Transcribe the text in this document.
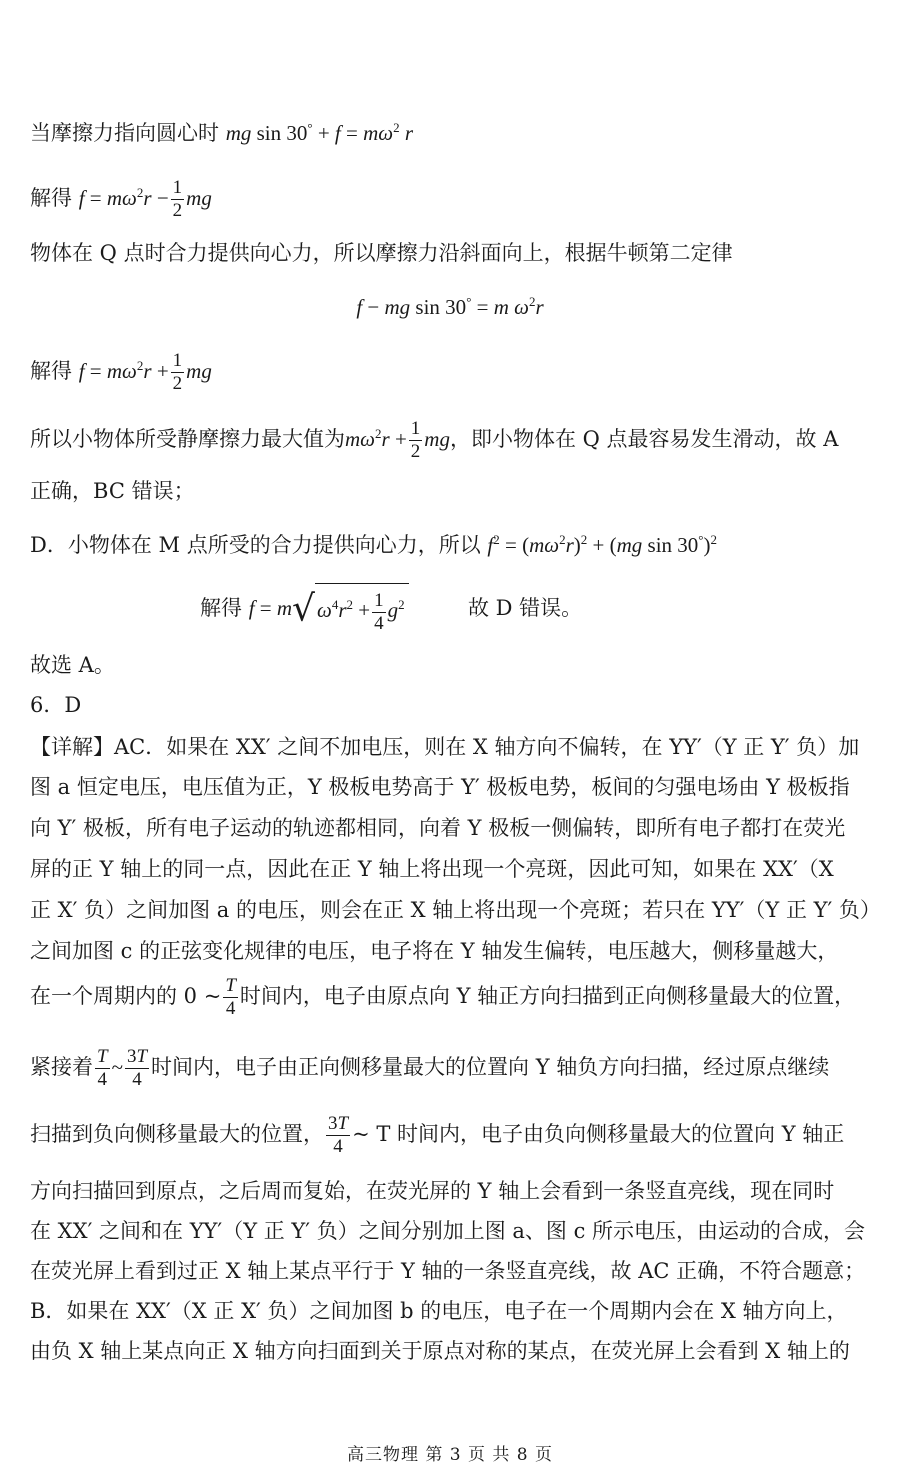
当摩擦力指向圆心时 mg $\sin 30^\circ + f = m\omega^2$ r
解得 $f = m\omega^2r - \frac{1}{2}$ mg
物体在 Q 点时合力提供向心力，所以摩擦力沿斜面向上，根据牛顿第二定律
f − mg sin 30° = m $\omega^2r$
解得 $f = m\omega^2r + \frac{1}{2}$ mg
所以小物体所受静摩擦力最大值为$m\omega^2r + \frac{1}{2}$ mg，即小物体在 Q 点最容易发生滑动，故 A
正确，BC 错误；
D．小物体在 M 点所受的合力提供向心力，所以 $f^2 = (m\omega^2r)^2 + (mg$ sin 30°)$^2$
解得 $f = m√\omega^4r^2 + \frac{1}{4} g^2$	故 D 错误。
故选 A。
6．D
【详解】AC．如果在 XX′ 之间不加电压，则在 X 轴方向不偏转，在 YY′（Y 正 Y′ 负）加
图 a 恒定电压，电压值为正，Y 极板电势高于 Y′ 极板电势，板间的匀强电场由 Y 极板指
向 Y′ 极板，所有电子运动的轨迹都相同，向着 Y 极板一侧偏转，即所有电子都打在荧光
屏的正 Y 轴上的同一点，因此在正 Y 轴上将出现一个亮斑，因此可知，如果在 XX′（X
正 X′ 负）之间加图 a 的电压，则会在正 X 轴上将出现一个亮斑；若只在 YY′（Y 正 Y′ 负）
之间加图 c 的正弦变化规律的电压，电子将在 Y 轴发生偏转，电压越大，侧移量越大，
在一个周期内的 0 ~ $\frac{T}{4}$ 时间内，电子由原点向 Y 轴正方向扫描到正向侧移量最大的位置，
紧接着 $\frac{T}{4}$ ~ $\frac{3T}{4}$ 时间内，电子由正向侧移量最大的位置向 Y 轴负方向扫描，经过原点继续
扫描到负向侧移量最大的位置， $\frac{3T}{4}$ ~ T 时间内，电子由负向侧移量最大的位置向 Y 轴正
方向扫描回到原点，之后周而复始，在荧光屏的 Y 轴上会看到一条竖直亮线，现在同时
在 XX′ 之间和在 YY′（Y 正 Y′ 负）之间分别加上图 a、图 c 所示电压，由运动的合成，会
在荧光屏上看到过正 X 轴上某点平行于 Y 轴的一条竖直亮线，故 AC 正确，不符合题意；
B．如果在 XX′（X 正 X′ 负）之间加图 b 的电压，电子在一个周期内会在 X 轴方向上，
由负 X 轴上某点向正 X 轴方向扫面到关于原点对称的某点，在荧光屏上会看到 X 轴上的
高三物理 第 3 页 共 8 页
